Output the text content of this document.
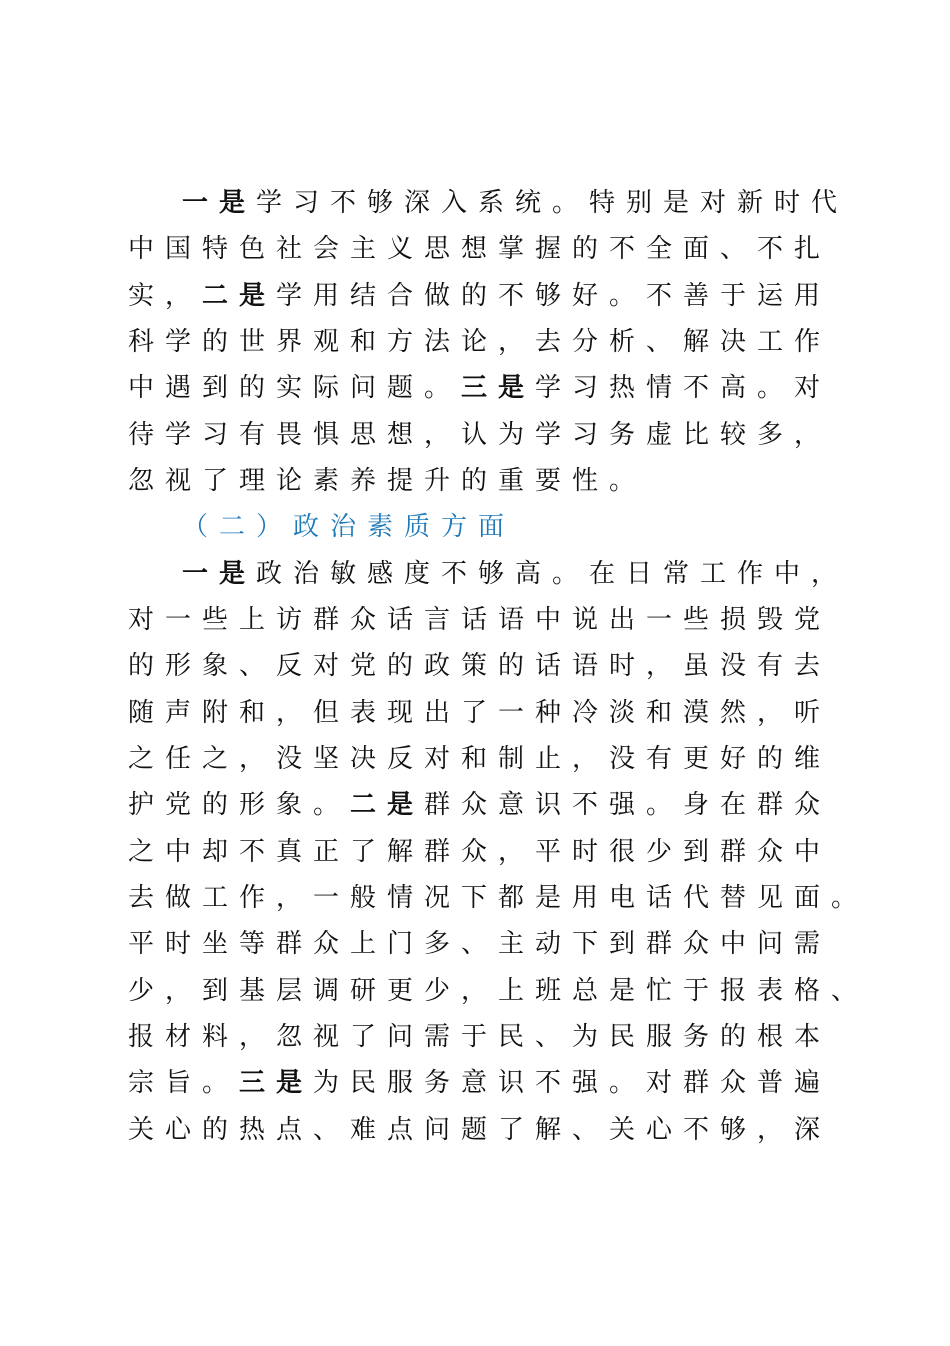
一是学习不够深入系统。特别是对新时代
中国特色社会主义思想掌握的不全面、不扎
实，二是学用结合做的不够好。不善于运用
科学的世界观和方法论，去分析、解决工作
中遇到的实际问题。三是学习热情不高。对
待学习有畏惧思想，认为学习务虚比较多，
忽视了理论素养提升的重要性。
（二）政治素质方面
一是政治敏感度不够高。在日常工作中，
对一些上访群众话言话语中说出一些损毁党
的形象、反对党的政策的话语时，虽没有去
随声附和，但表现出了一种冷淡和漠然，听
之任之，没坚决反对和制止，没有更好的维
护党的形象。二是群众意识不强。身在群众
之中却不真正了解群众，平时很少到群众中
去做工作，一般情况下都是用电话代替见面。
平时坐等群众上门多、主动下到群众中问需
少，到基层调研更少，上班总是忙于报表格、
报材料，忽视了问需于民、为民服务的根本
宗旨。三是为民服务意识不强。对群众普遍
关心的热点、难点问题了解、关心不够，深
